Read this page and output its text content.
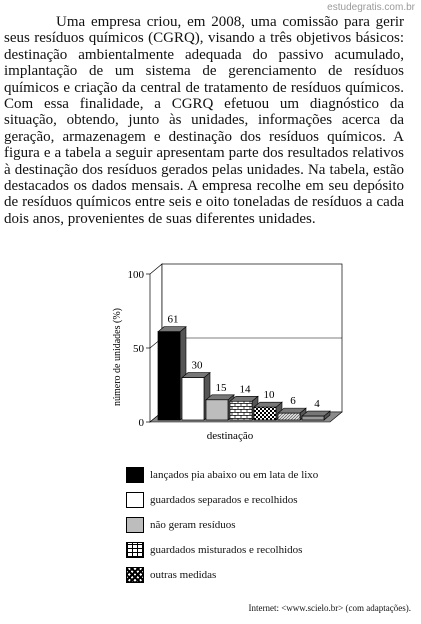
estudegratis.com.br

Uma empresa criou, em 2008, uma comissão para gerir seus resíduos químicos (CGRQ), visando a três objetivos básicos: destinação ambientalmente adequada do passivo acumulado, implantação de um sistema de gerenciamento de resíduos químicos e criação da central de tratamento de resíduos químicos. Com essa finalidade, a CGRQ efetuou um diagnóstico da situação, obtendo, junto às unidades, informações acerca da geração, armazenagem e destinação dos resíduos químicos. A figura e a tabela a seguir apresentam parte dos resultados relativos à destinação dos resíduos gerados pelas unidades. Na tabela, estão destacados os dados mensais. A empresa recolhe em seu depósito de resíduos químicos entre seis e oito toneladas de resíduos a cada dois anos, provenientes de suas diferentes unidades.

0
50
100
61
30
15 14 10 6 4
número de unidades (%)
destinação
lançados pia abaixo ou em lata de lixo
guardados separados e recolhidos
não geram resíduos
guardados misturados e recolhidos
outras medidas
Internet: <www.scielo.br> (com adaptações).
